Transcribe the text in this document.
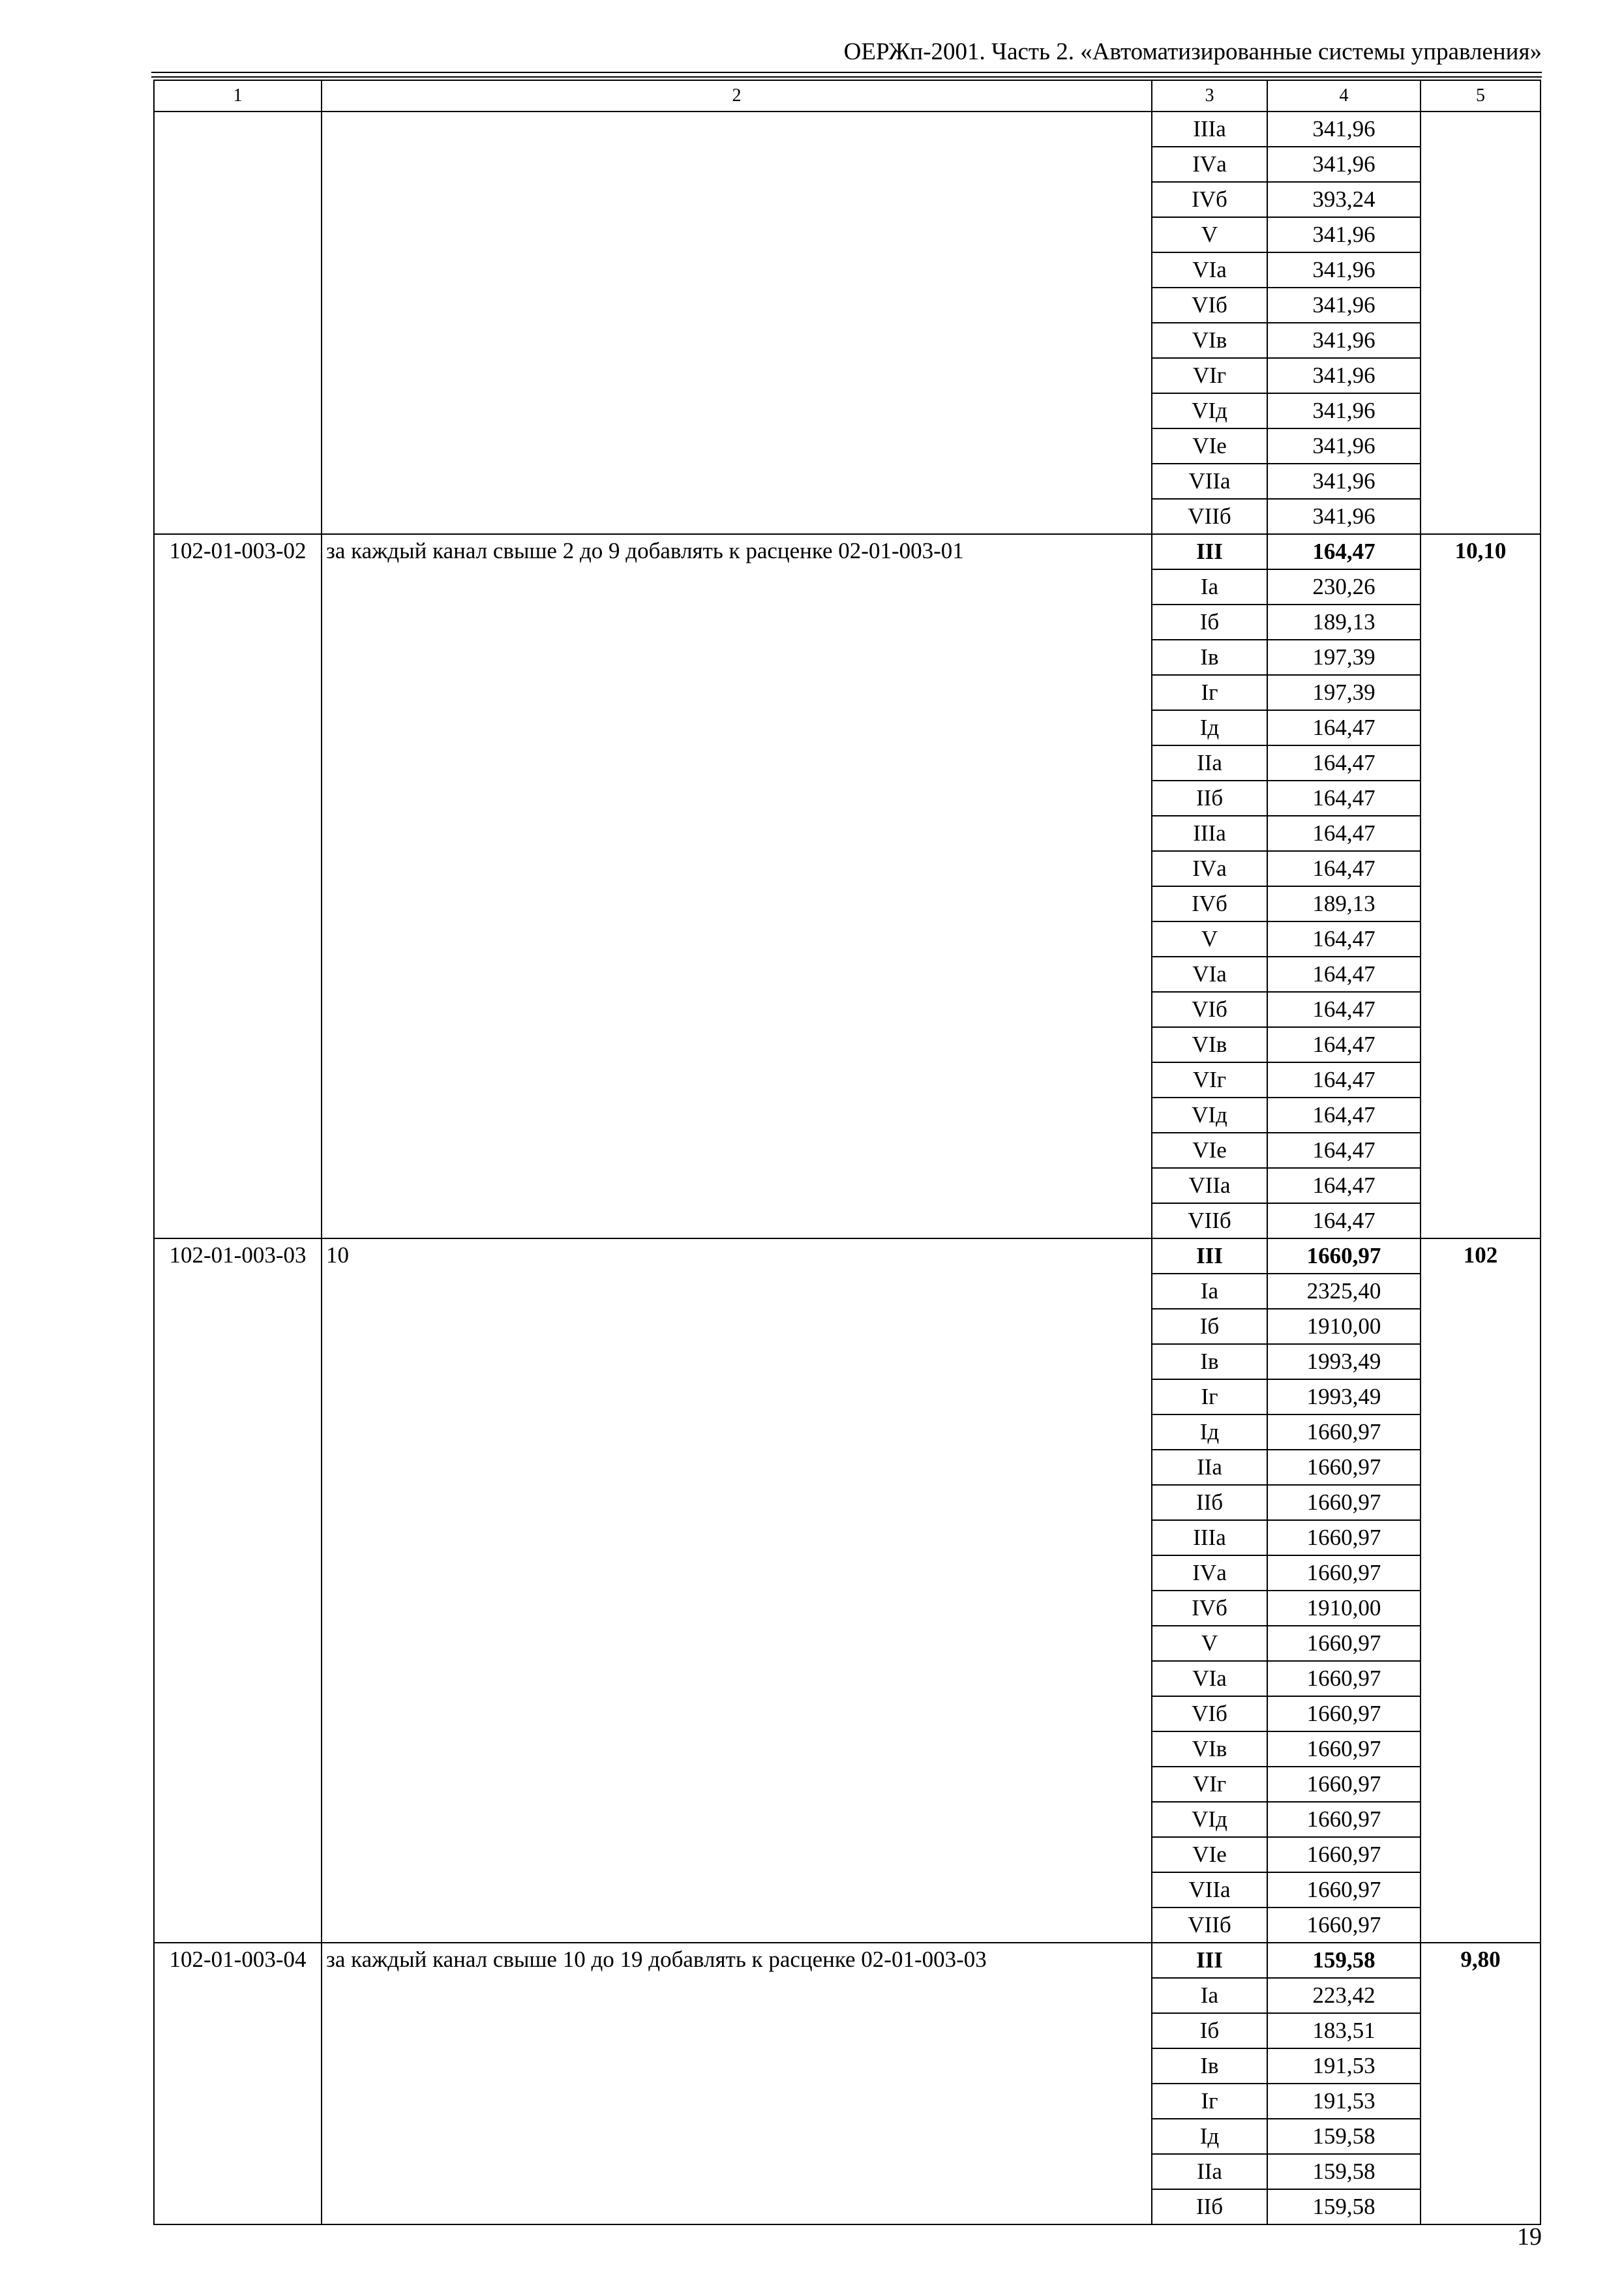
ОЕРЖп-2001. Часть 2. «Автоматизированные системы управления»
1	2	3	4	5
		IIIа	341,96	
		IVа	341,96	
		IVб	393,24	
		V	341,96	
		VIа	341,96	
		VIб	341,96	
		VIв	341,96	
		VIг	341,96	
		VIд	341,96	
		VIе	341,96	
		VIIа	341,96	
		VIIб	341,96	
102-01-003-02	за каждый канал свыше 2 до 9 добавлять к расценке 02-01-003-01	III	164,47	10,10
		Iа	230,26	
		Iб	189,13	
		Iв	197,39	
		Iг	197,39	
		Iд	164,47	
		IIа	164,47	
		IIб	164,47	
		IIIа	164,47	
		IVа	164,47	
		IVб	189,13	
		V	164,47	
		VIа	164,47	
		VIб	164,47	
		VIв	164,47	
		VIг	164,47	
		VIд	164,47	
		VIе	164,47	
		VIIа	164,47	
		VIIб	164,47	
102-01-003-03	10	III	1660,97	102
		Iа	2325,40	
		Iб	1910,00	
		Iв	1993,49	
		Iг	1993,49	
		Iд	1660,97	
		IIа	1660,97	
		IIб	1660,97	
		IIIа	1660,97	
		IVа	1660,97	
		IVб	1910,00	
		V	1660,97	
		VIа	1660,97	
		VIб	1660,97	
		VIв	1660,97	
		VIг	1660,97	
		VIд	1660,97	
		VIе	1660,97	
		VIIа	1660,97	
		VIIб	1660,97	
102-01-003-04	за каждый канал свыше 10 до 19 добавлять к расценке 02-01-003-03	III	159,58	9,80
		Iа	223,42	
		Iб	183,51	
		Iв	191,53	
		Iг	191,53	
		Iд	159,58	
		IIа	159,58	
		IIб	159,58	
19
